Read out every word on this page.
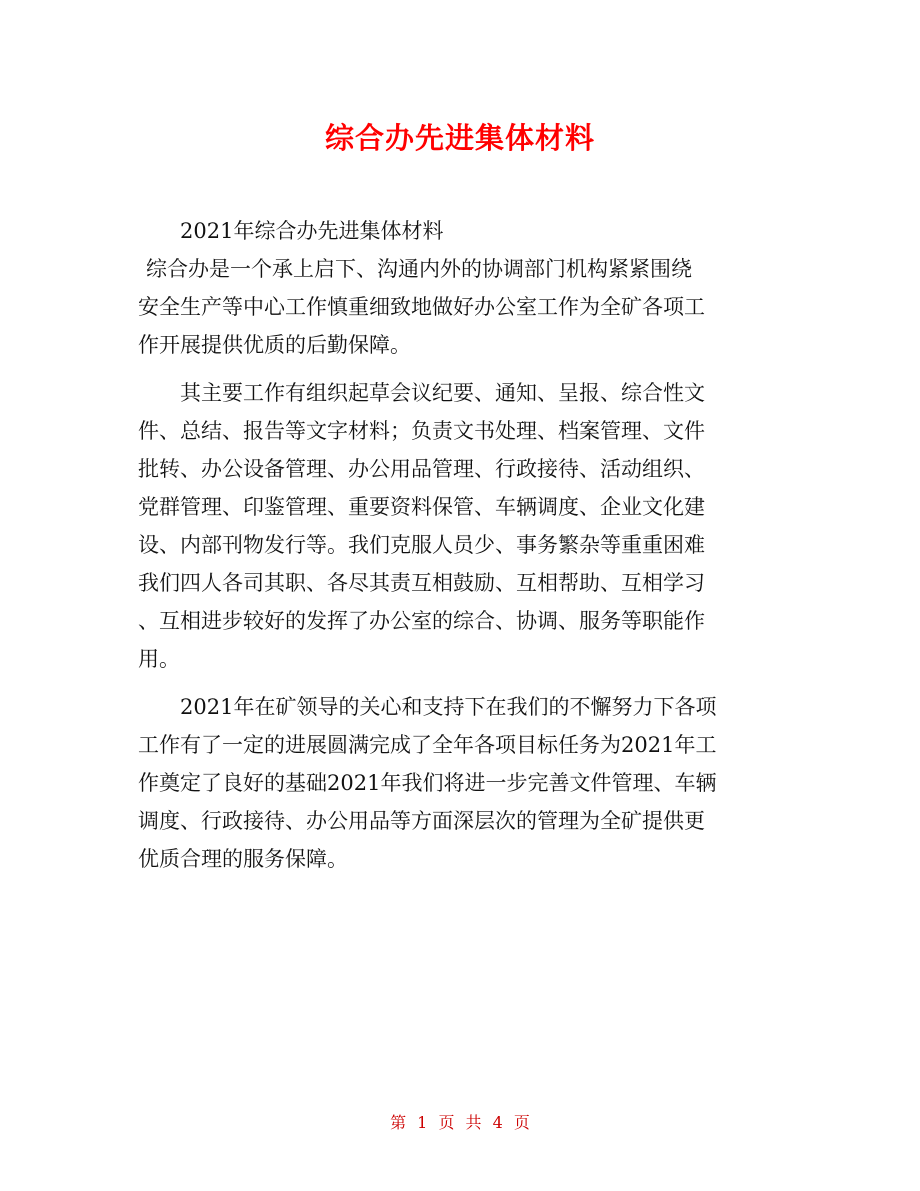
综合办先进集体材料
2021年综合办先进集体材料
综合办是一个承上启下、沟通内外的协调部门机构紧紧围绕
安全生产等中心工作慎重细致地做好办公室工作为全矿各项工
作开展提供优质的后勤保障。
其主要工作有组织起草会议纪要、通知、呈报、综合性文
件、总结、报告等文字材料；负责文书处理、档案管理、文件
批转、办公设备管理、办公用品管理、行政接待、活动组织、
党群管理、印鉴管理、重要资料保管、车辆调度、企业文化建
设、内部刊物发行等。我们克服人员少、事务繁杂等重重困难
我们四人各司其职、各尽其责互相鼓励、互相帮助、互相学习
、互相进步较好的发挥了办公室的综合、协调、服务等职能作
用。
2021年在矿领导的关心和支持下在我们的不懈努力下各项
工作有了一定的进展圆满完成了全年各项目标任务为2021年工
作奠定了良好的基础2021年我们将进一步完善文件管理、车辆
调度、行政接待、办公用品等方面深层次的管理为全矿提供更
优质合理的服务保障。
第 1 页 共 4 页
